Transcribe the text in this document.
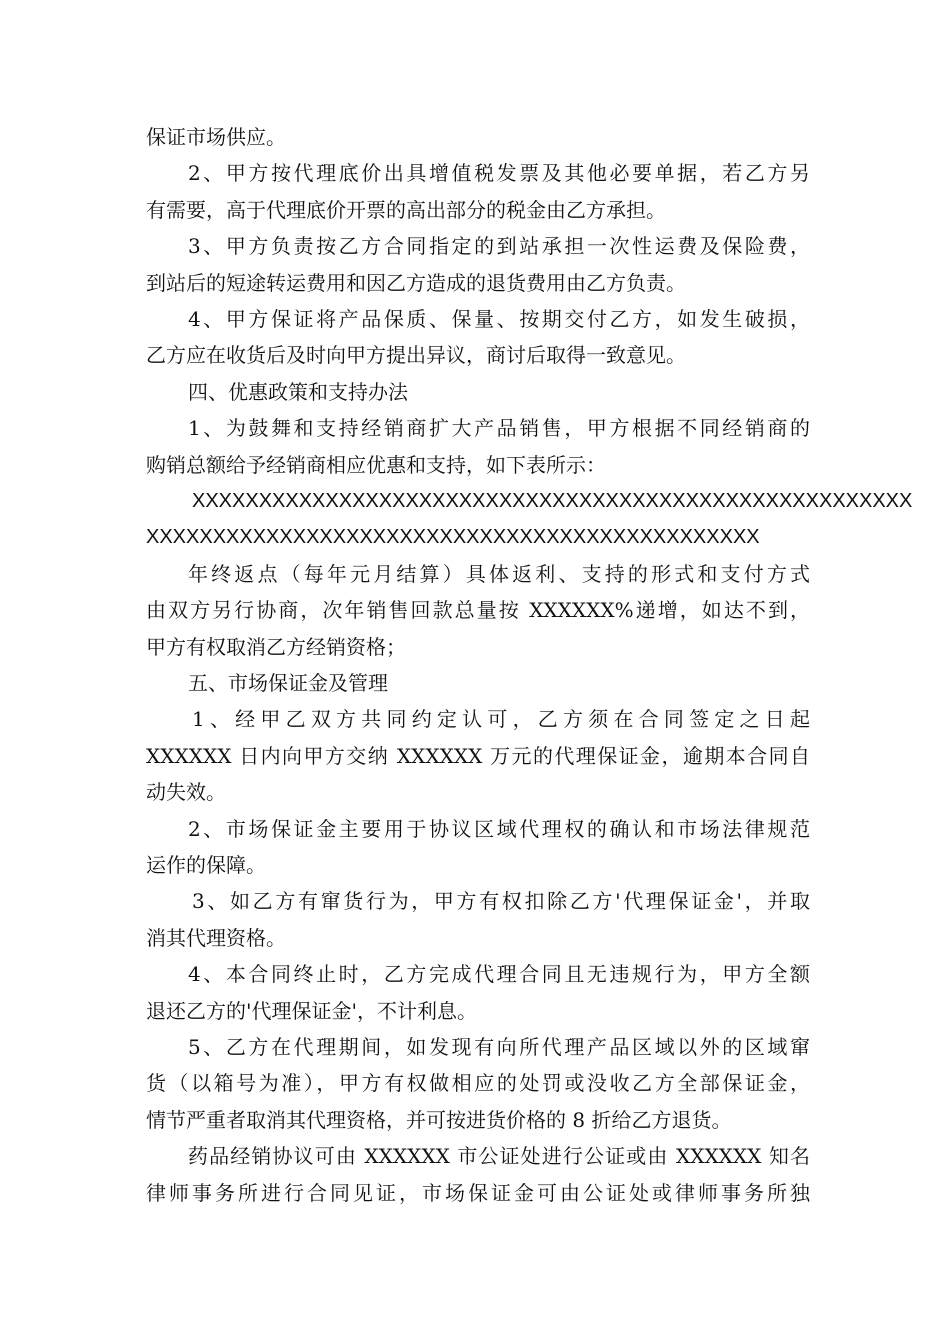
保证市场供应。
2、甲方按代理底价出具增值税发票及其他必要单据，若乙方另
有需要，高于代理底价开票的高出部分的税金由乙方承担。
3、甲方负责按乙方合同指定的到站承担一次性运费及保险费，
到站后的短途转运费用和因乙方造成的退货费用由乙方负责。
4、甲方保证将产品保质、保量、按期交付乙方，如发生破损，
乙方应在收货后及时向甲方提出异议，商讨后取得一致意见。
四、优惠政策和支持办法
1、为鼓舞和支持经销商扩大产品销售，甲方根据不同经销商的
购销总额给予经销商相应优惠和支持，如下表所示：
XXXXXXXXXXXXXXXXXXXXXXXXXXXXXXXXXXXXXXXXXXXXXXXXXXXXXX
XXXXXXXXXXXXXXXXXXXXXXXXXXXXXXXXXXXXXXXXXXXXXX
年终返点（每年元月结算）具体返利、支持的形式和支付方式
由双方另行协商，次年销售回款总量按 XXXXXX%递增，如达不到，
甲方有权取消乙方经销资格；
五、市场保证金及管理
1、经甲乙双方共同约定认可，乙方须在合同签定之日起
XXXXXX 日内向甲方交纳 XXXXXX 万元的代理保证金，逾期本合同自
动失效。
2、市场保证金主要用于协议区域代理权的确认和市场法律规范
运作的保障。
3、如乙方有窜货行为，甲方有权扣除乙方'代理保证金'，并取
消其代理资格。
4、本合同终止时，乙方完成代理合同且无违规行为，甲方全额
退还乙方的'代理保证金'，不计利息。
5、乙方在代理期间，如发现有向所代理产品区域以外的区域窜
货（以箱号为准），甲方有权做相应的处罚或没收乙方全部保证金，
情节严重者取消其代理资格，并可按进货价格的 8 折给乙方退货。
药品经销协议可由 XXXXXX 市公证处进行公证或由 XXXXXX 知名
律师事务所进行合同见证，市场保证金可由公证处或律师事务所独
